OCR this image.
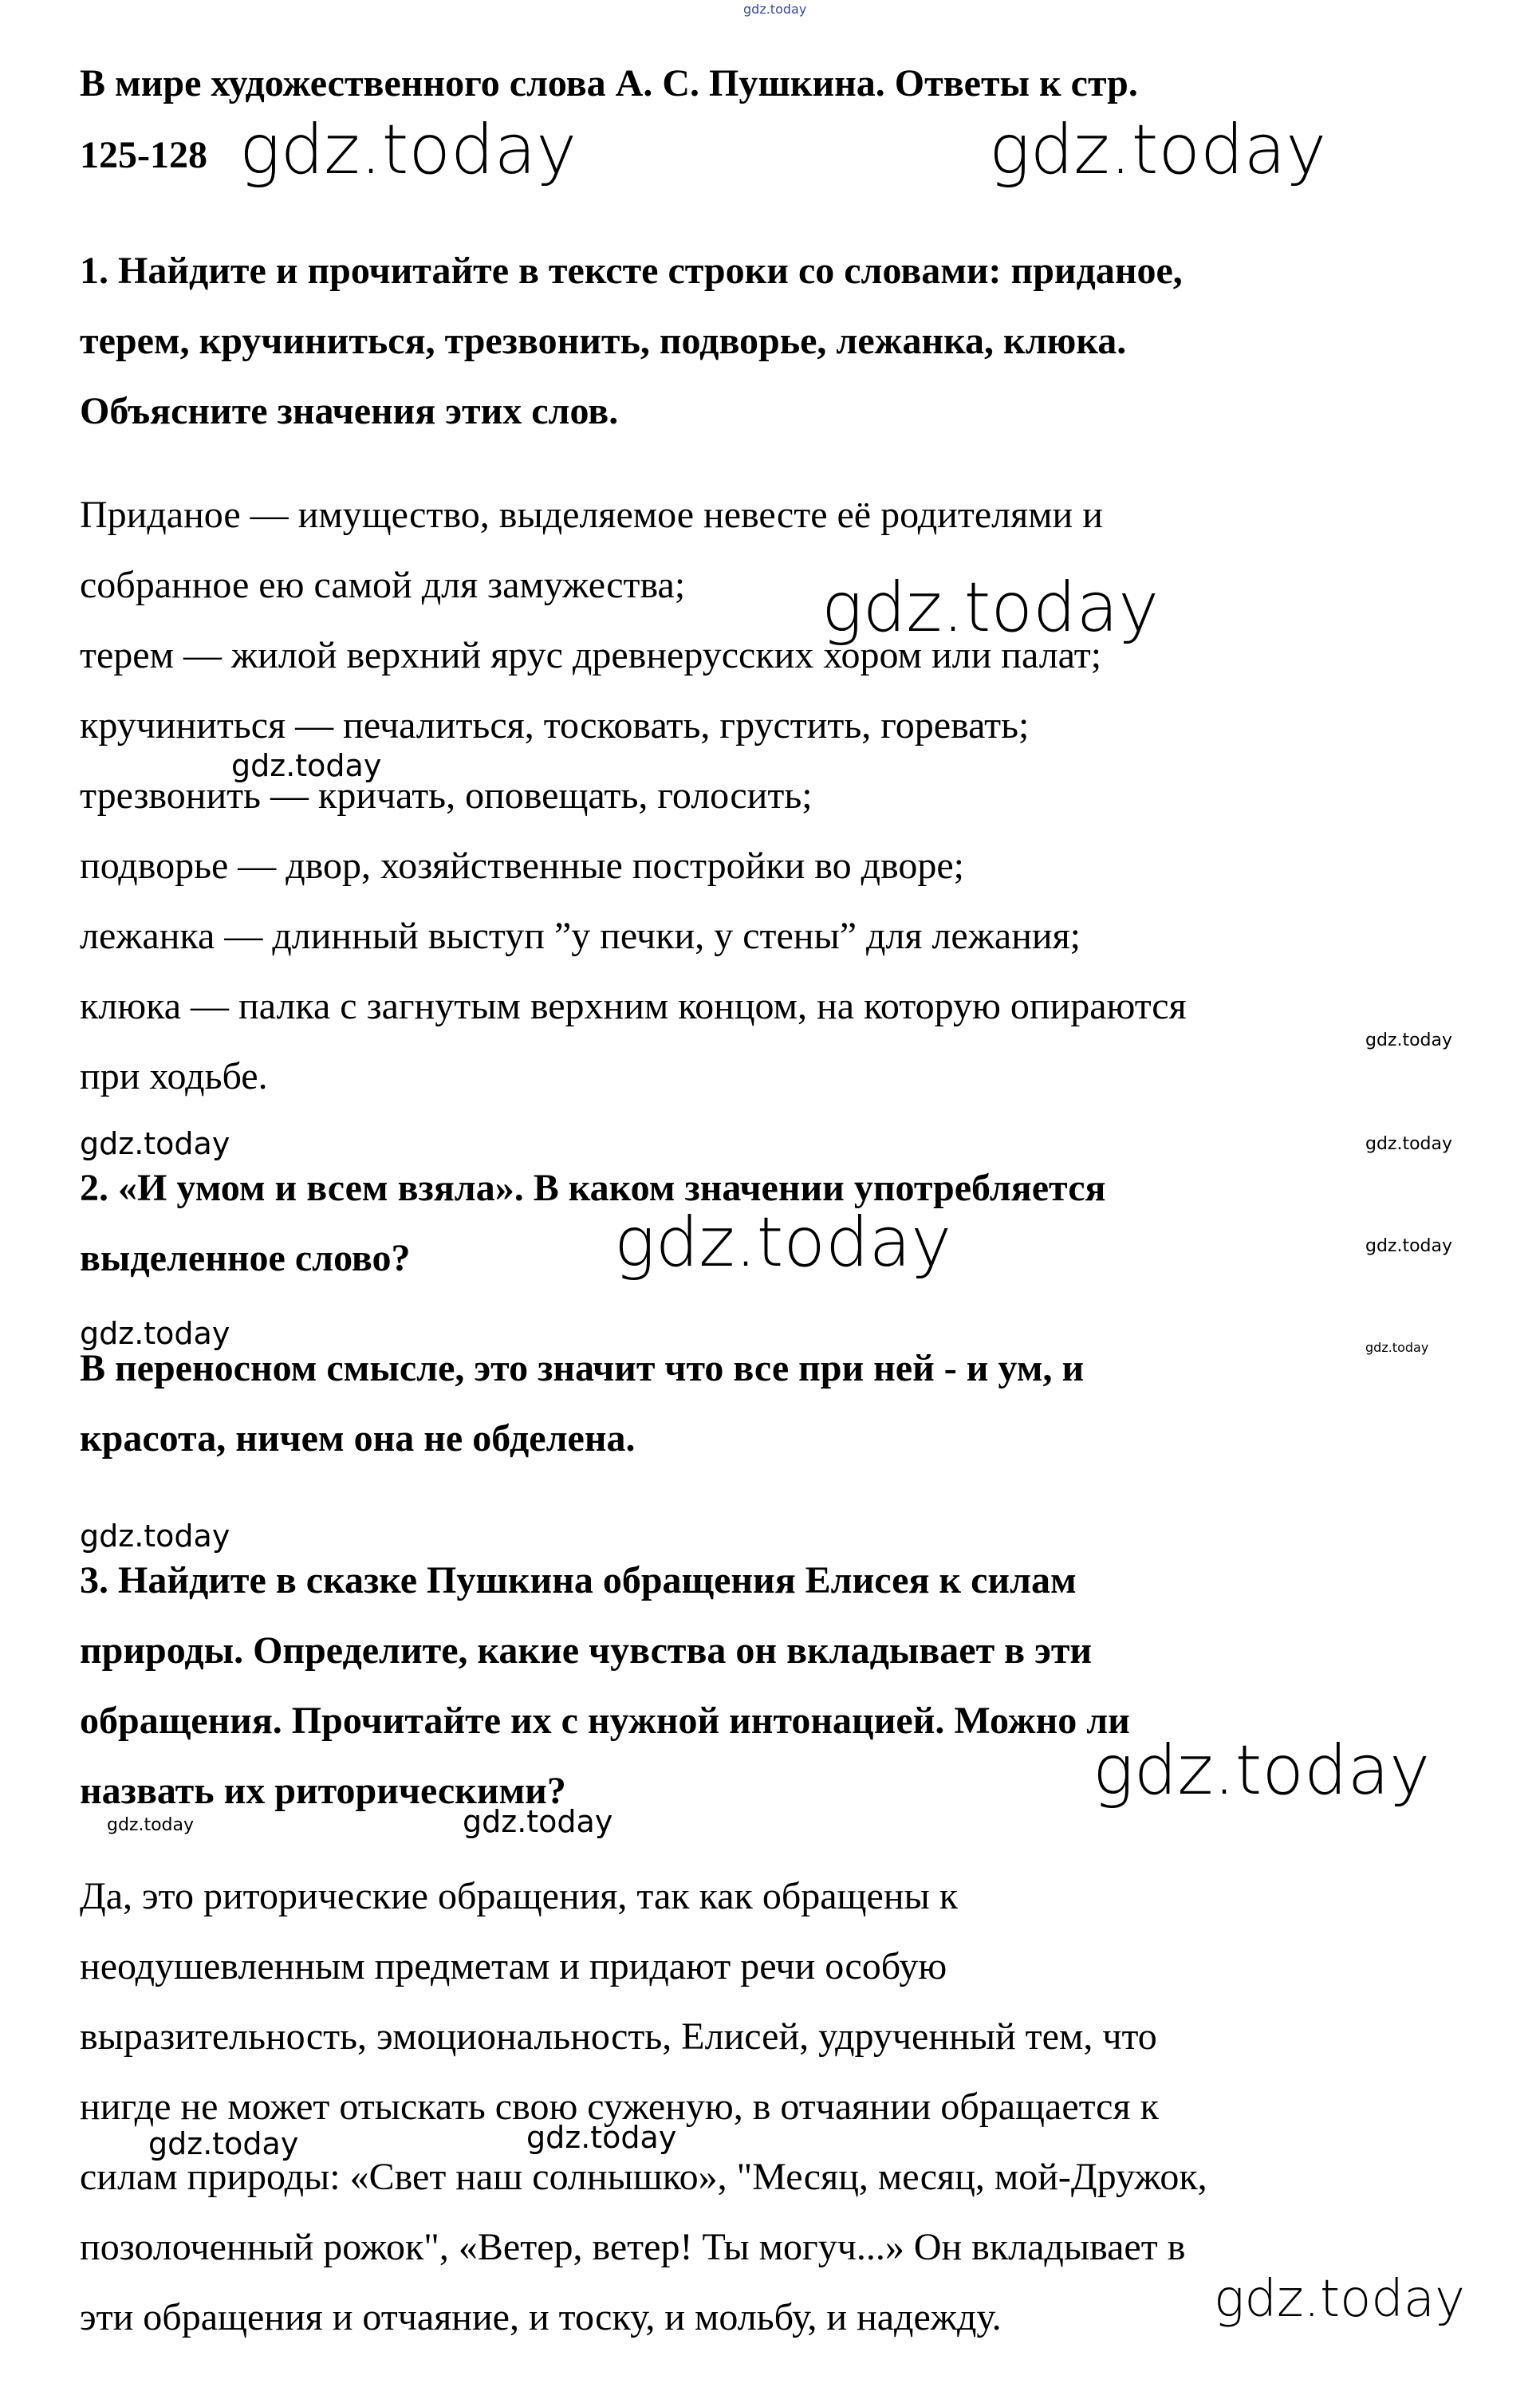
gdz.today
В мире художественного слова А. С. Пушкина. Ответы к стр.
125-128 gdz.today	gdz.today
1. Найдите и прочитайте в тексте строки со словами: приданое,
терем, кручиниться, трезвонить, подворье, лежанка, клюка.
Объясните значения этих слов.
Приданое — имущество, выделяемое невесте её родителями и
собранное ею самой для замужества;
терем — жилой верхний ярус древнерусских хором или палат;
кручиниться — печалиться, тосковать, грустить, горевать;
трезвонить — кричать, оповещать, голосить;
подворье — двор, хозяйственные постройки во дворе;
лежанка — длинный выступ ”у печки, у стены” для лежания;
клюка — палка с загнутым верхним концом, на которую опираются
при ходьбе.
gdz.today
gdz.today
gdz.today
gdz.today	gdz.today
2. «И умом и всем взяла». В каком значении употребляется
выделенное слово?	gdz.today	gdz.today
gdz.today	gdz.today
В переносном смысле, это значит что все при ней - и ум, и
красота, ничем она не обделена.
gdz.today
3. Найдите в сказке Пушкина обращения Елисея к силам
природы. Определите, какие чувства он вкладывает в эти
обращения. Прочитайте их с нужной интонацией. Можно ли
назвать их риторическими?	gdz.today
gdz.today	gdz.today
Да, это риторические обращения, так как обращены к
неодушевленным предметам и придают речи особую
выразительность, эмоциональность, Елисей, удрученный тем, что
нигде не может отыскать свою суженую, в отчаянии обращается к
силам природы: «Свет наш солнышко», "Месяц, месяц, мой-Дружок,
позолоченный рожок", «Ветер, ветер! Ты могуч...» Он вкладывает в
эти обращения и отчаяние, и тоску, и мольбу, и надежду.
gdz.today	gdz.today
gdz.today
